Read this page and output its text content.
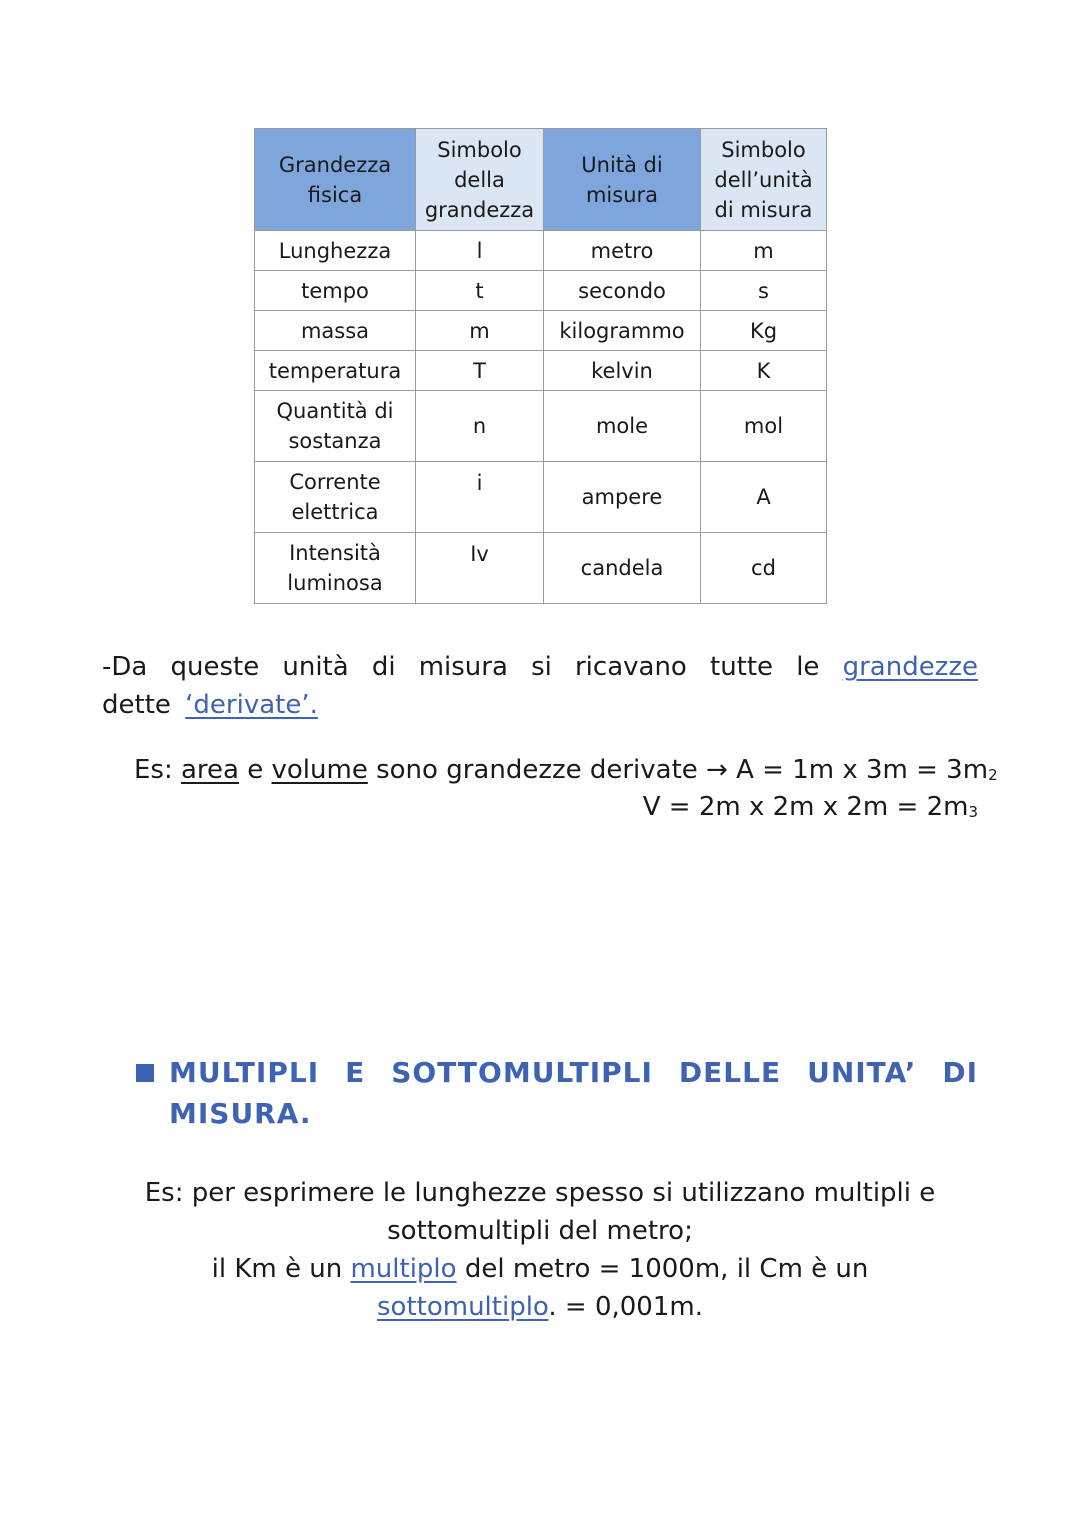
Grandezza fisica	Simbolo della grandezza	Unità di misura	Simbolo dell’unità di misura
Lunghezza	l	metro	m
tempo	t	secondo	s
massa	m	kilogrammo	Kg
temperatura	T	kelvin	K
Quantità di sostanza	n	mole	mol
Corrente elettrica	i	ampere	A
Intensità luminosa	Iv	candela	cd

-Da queste unità di misura si ricavano tutte le grandezze dette ‘derivate’.

Es: area e volume sono grandezze derivate → A = 1m x 3m = 3m2
V = 2m x 2m x 2m = 2m3
MULTIPLI E SOTTOMULTIPLI DELLE UNITA’ DI MISURA.
Es: per esprimere le lunghezze spesso si utilizzano multipli e sottomultipli del metro;
il Km è un multiplo del metro = 1000m, il Cm è un sottomultiplo. = 0,001m.
